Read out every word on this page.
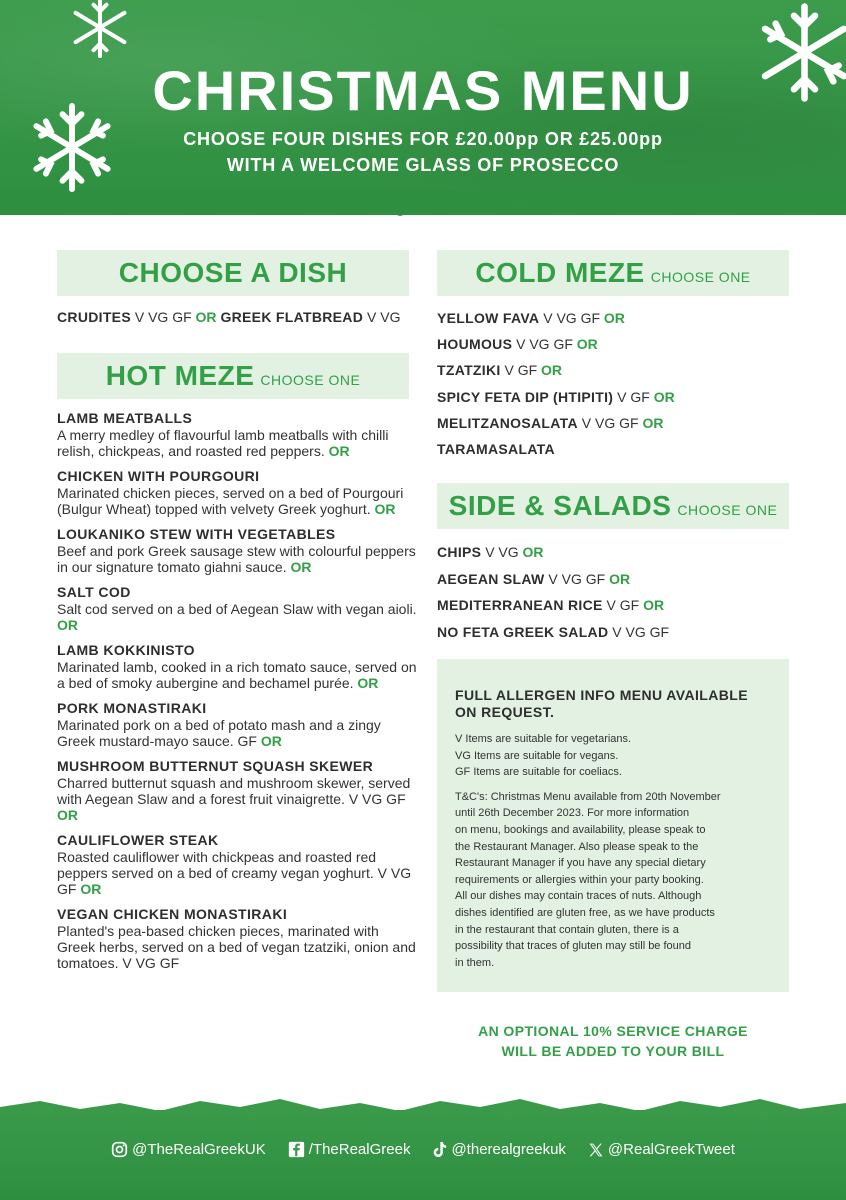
CHRISTMAS MENU
CHOOSE FOUR DISHES FOR £20.00pp OR £25.00pp
WITH A WELCOME GLASS OF PROSECCO
CHOOSE A DISH
CRUDITES V VG GF OR GREEK FLATBREAD V VG
HOT MEZE CHOOSE ONE
LAMB MEATBALLS
A merry medley of flavourful lamb meatballs with chilli relish, chickpeas, and roasted red peppers. OR
CHICKEN WITH POURGOURI
Marinated chicken pieces, served on a bed of Pourgouri (Bulgur Wheat) topped with velvety Greek yoghurt. OR
LOUKANIKO STEW WITH VEGETABLES
Beef and pork Greek sausage stew with colourful peppers in our signature tomato giahni sauce. OR
SALT COD
Salt cod served on a bed of Aegean Slaw with vegan aioli. OR
LAMB KOKKINISTO
Marinated lamb, cooked in a rich tomato sauce, served on a bed of smoky aubergine and bechamel purée. OR
PORK MONASTIRAKI
Marinated pork on a bed of potato mash and a zingy Greek mustard-mayo sauce. GF OR
MUSHROOM BUTTERNUT SQUASH SKEWER
Charred butternut squash and mushroom skewer, served with Aegean Slaw and a forest fruit vinaigrette. V VG GF OR
CAULIFLOWER STEAK
Roasted cauliflower with chickpeas and roasted red peppers served on a bed of creamy vegan yoghurt. V VG GF OR
VEGAN CHICKEN MONASTIRAKI
Planted's pea-based chicken pieces, marinated with Greek herbs, served on a bed of vegan tzatziki, onion and tomatoes. V VG GF
COLD MEZE CHOOSE ONE
YELLOW FAVA V VG GF OR
HOUMOUS V VG GF OR
TZATZIKI V GF OR
SPICY FETA DIP (HTIPITI) V GF OR
MELITZANOSALATA V VG GF OR
TARAMASALATA
SIDE & SALADS CHOOSE ONE
CHIPS V VG OR
AEGEAN SLAW V VG GF OR
MEDITERRANEAN RICE V GF OR
NO FETA GREEK SALAD V VG GF
FULL ALLERGEN INFO MENU AVAILABLE
ON REQUEST.
V Items are suitable for vegetarians.
VG Items are suitable for vegans.
GF Items are suitable for coeliacs.
T&C's: Christmas Menu available from 20th November
until 26th December 2023. For more information
on menu, bookings and availability, please speak to
the Restaurant Manager. Also please speak to the
Restaurant Manager if you have any special dietary
requirements or allergies within your party booking.
All our dishes may contain traces of nuts. Although
dishes identified are gluten free, as we have products
in the restaurant that contain gluten, there is a
possibility that traces of gluten may still be found
in them.
AN OPTIONAL 10% SERVICE CHARGE
WILL BE ADDED TO YOUR BILL
@TheRealGreekUK	/TheRealGreek	@therealgreekuk	@RealGreekTweet
